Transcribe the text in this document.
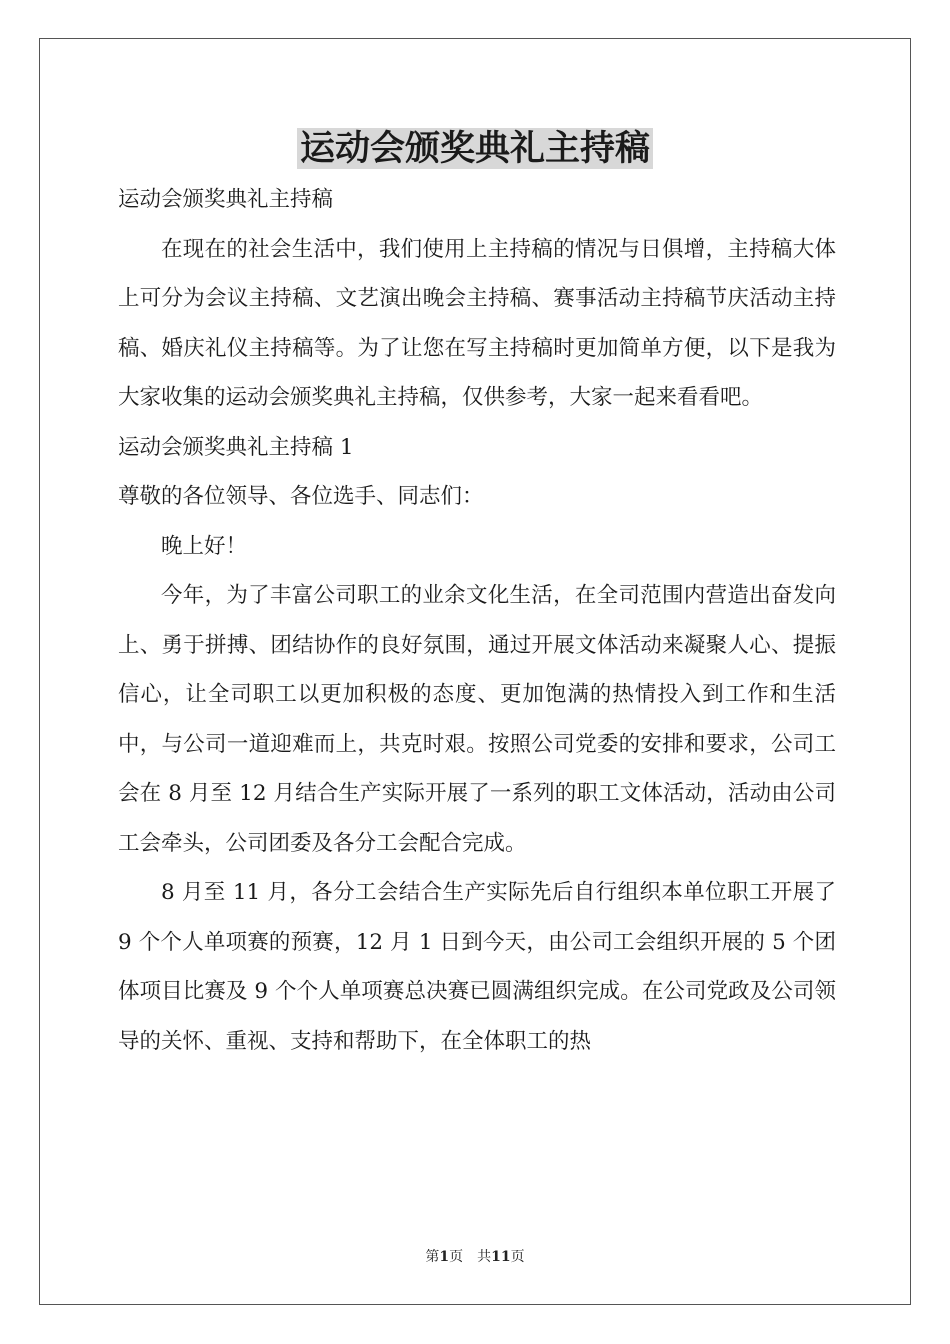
运动会颁奖典礼主持稿

运动会颁奖典礼主持稿

在现在的社会生活中，我们使用上主持稿的情况与日俱增，主持稿大体上可分为会议主持稿、文艺演出晚会主持稿、赛事活动主持稿节庆活动主持稿、婚庆礼仪主持稿等。为了让您在写主持稿时更加简单方便，以下是我为大家收集的运动会颁奖典礼主持稿，仅供参考，大家一起来看看吧。

运动会颁奖典礼主持稿 1

尊敬的各位领导、各位选手、同志们：

晚上好！

今年，为了丰富公司职工的业余文化生活，在全司范围内营造出奋发向上、勇于拼搏、团结协作的良好氛围，通过开展文体活动来凝聚人心、提振信心，让全司职工以更加积极的态度、更加饱满的热情投入到工作和生活中，与公司一道迎难而上，共克时艰。按照公司党委的安排和要求，公司工会在 8 月至 12 月结合生产实际开展了一系列的职工文体活动，活动由公司工会牵头，公司团委及各分工会配合完成。

8 月至 11 月，各分工会结合生产实际先后自行组织本单位职工开展了 9 个个人单项赛的预赛，12 月 1 日到今天，由公司工会组织开展的 5 个团体项目比赛及 9 个个人单项赛总决赛已圆满组织完成。在公司党政及公司领导的关怀、重视、支持和帮助下，在全体职工的热

第1页　共11页
